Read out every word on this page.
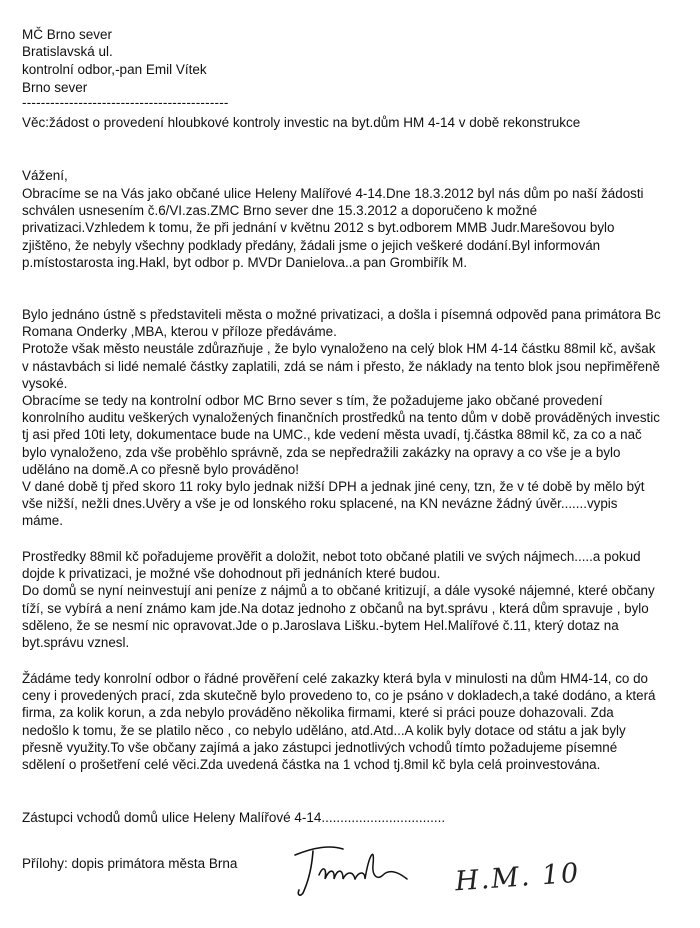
MČ Brno sever
Bratislavská ul.
kontrolní odbor,-pan Emil Vítek
Brno sever
--------------------------------------------
Věc:žádost o provedení hloubkové kontroly investic na byt.dům HM 4-14 v době rekonstrukce
Vážení,
Obracíme se na Vás jako občané ulice Heleny Malířové 4-14.Dne 18.3.2012 byl nás dům po naší žádosti
schválen usnesením č.6/VI.zas.ZMC Brno sever dne 15.3.2012 a doporučeno k možné
privatizaci.Vzhledem k tomu, že při jednání v květnu 2012 s byt.odborem MMB Judr.Marešovou bylo
zjištěno, že nebyly všechny podklady předány, žádali jsme o jejich veškeré dodání.Byl informován
p.místostarosta ing.Hakl, byt odbor p. MVDr Danielova..a pan Grombiřík M.
Bylo jednáno ústně s představiteli města o možné privatizaci, a došla i písemná odpověd pana primátora Bc
Romana Onderky ,MBA, kterou v příloze předáváme.
Protože však město neustále zdůrazňuje , že bylo vynaloženo na celý blok HM 4-14 částku 88mil kč, avšak
v nástavbách si lidé nemalé částky zaplatili, zdá se nám i přesto, že náklady na tento blok jsou nepřiměřeně
vysoké.
Obracíme se tedy na kontrolní odbor MC Brno sever s tím, že požadujeme jako občané provedení
konrolního auditu veškerých vynaložených finančních prostředků na tento dům v době prováděných investic
tj asi před 10ti lety, dokumentace bude na UMC., kde vedení města uvadí, tj.částka 88mil kč, za co a nač
bylo vynaloženo, zda vše proběhlo správně, zda se nepředražili zakázky na opravy a co vše je a bylo
uděláno na domě.A co přesně bylo prováděno!
V dané době tj před skoro 11 roky bylo jednak nižší DPH a jednak jiné ceny, tzn, že v té době by mělo být
vše nižší, nežli dnes.Uvěry a vše je od lonského roku splacené, na KN nevázne žádný úvěr.......vypis
máme.
Prostředky 88mil kč pořadujeme prověřit a doložit, nebot toto občané platili ve svých nájmech.....a pokud
dojde k privatizaci, je možné vše dohodnout při jednáních které budou.
Do domů se nyní neinvestují ani peníze z nájmů a to občané kritizují, a dále vysoké nájemné, které občany
tíží, se vybírá a není známo kam jde.Na dotaz jednoho z občanů na byt.správu , která dům spravuje , bylo
sděleno, že se nesmí nic opravovat.Jde o p.Jaroslava Lišku.-bytem Hel.Malířové č.11, který dotaz na
byt.správu vznesl.
Žádáme tedy konrolní odbor o řádné prověření celé zakazky která byla v minulosti na dům HM4-14, co do
ceny i provedených prací, zda skutečně bylo provedeno to, co je psáno v dokladech,a také dodáno, a která
firma, za kolik korun, a zda nebylo prováděno několika firmami, které si práci pouze dohazovali. Zda
nedošlo k tomu, že se platilo něco , co nebylo uděláno, atd.Atd...A kolik byly dotace od státu a jak byly
přesně využity.To vše občany zajímá a jako zástupci jednotlivých vchodů tímto požadujeme písemné
sdělení o prošetření celé věci.Zda uvedená částka na 1 vchod tj.8mil kč byla celá proinvestována.
Zástupci vchodů domů ulice Heleny Malířové 4-14.................................
Přílohy: dopis primátora města Brna	H.M. 10
